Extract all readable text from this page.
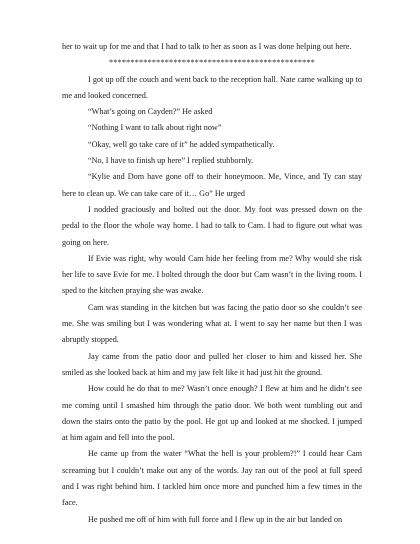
her to wait up for me and that I had to talk to her as soon as I was done helping out here.

************************************************

I got up off the couch and went back to the reception hall. Nate came walking up to me and looked concerned.

“What’s going on Cayden?” He asked

“Nothing I want to talk about right now”

“Okay, well go take care of it” he added sympathetically.

“No, I have to finish up here” I replied stubbornly.

“Kylie and Dom have gone off to their honeymoon. Me, Vince, and Ty can stay here to clean up. We can take care of it… Go” He urged

I nodded graciously and bolted out the door. My foot was pressed down on the pedal to the floor the whole way home. I had to talk to Cam. I had to figure out what was going on here.

If Evie was right, why would Cam hide her feeling from me? Why would she risk her life to save Evie for me. I bolted through the door but Cam wasn’t in the living room. I sped to the kitchen praying she was awake.

Cam was standing in the kitchen but was facing the patio door so she couldn’t see me. She was smiling but I was wondering what at. I went to say her name but then I was abruptly stopped.

Jay came from the patio door and pulled her closer to him and kissed her. She smiled as she looked back at him and my jaw felt like it had just hit the ground.

How could he do that to me? Wasn’t once enough? I flew at him and he didn’t see me coming until I smashed him through the patio door. We both went tumbling out and down the stairs onto the patio by the pool. He got up and looked at me shocked. I jumped at him again and fell into the pool.

He came up from the water “What the hell is your problem?!” I could hear Cam screaming but I couldn’t make out any of the words. Jay ran out of the pool at full speed and I was right behind him. I tackled him once more and punched him a few times in the face.

He pushed me off of him with full force and I flew up in the air but landed on
